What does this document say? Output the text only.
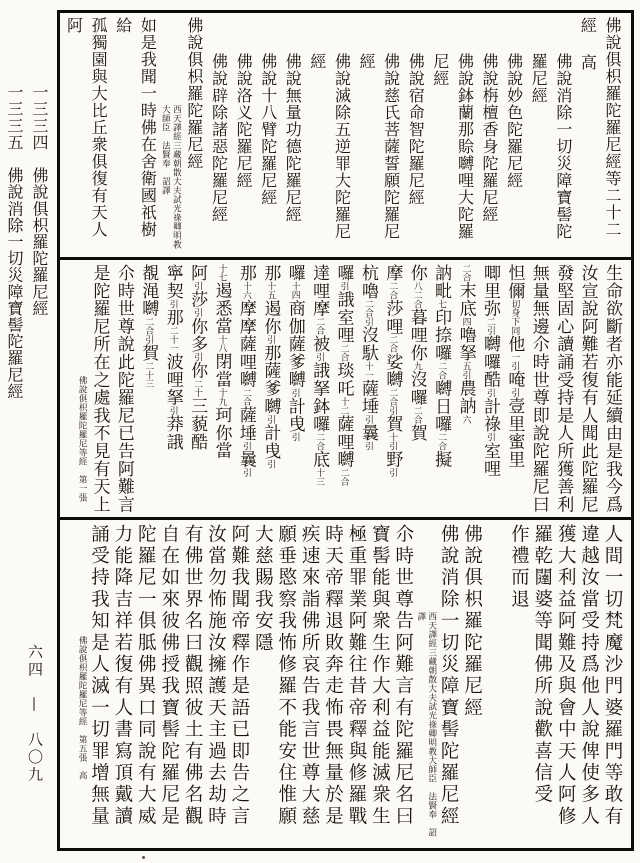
一三三四　佛說俱枳羅陀羅尼經
一三三五　佛說消除一切災障寶髻陀羅尼經
六四　—　八〇九
佛說俱枳羅陀羅尼經等二十二經 高
佛說消除一切災障寶髻陀羅尼經
佛說妙色陀羅尼經
佛說栴檀香身陀羅尼經
佛說鉢蘭那賒嚩哩大陀羅尼經
佛說宿命智陀羅尼經
佛說慈氏菩薩誓願陀羅尼經
佛說滅除五逆罪大陀羅尼經
佛說無量功德陀羅尼經
佛說十八臂陀羅尼經
佛說洛义陀羅尼經
佛說辟除諸惡陀羅尼經
佛說俱枳羅陀羅尼經
西天譯經三藏朝散大夫試光祿卿明教大師臣　法賢奉　詔譯
如是我聞一時佛在舍衛國祇樹給
孤獨園與大比丘衆俱復有天人阿
生命欲斷者亦能延續由是我今爲
汝宣說阿難若復有人聞此陀羅尼
發堅固心讀誦受持是人所獲善利
無量無邊尒時世尊即說陀羅尼曰
怛儞切身下同他一引唵引壹里蜜里
唧里弥二引嚩囉酷引計祿引室哩
二合末底四嚕拏五引農訥六
訥毗七印捺囉二合嚩日囉二合擬
你八二合暮哩你九沒囉二合賀
摩二合莎哩二合娑嚩二合引賀十引野引
杭嚕二合引沒馱十一薩埵引曩引
囉引誐室哩二合琰吒十二薩哩嚩二合
達哩摩二合被引誐拏鉢囉二合底十三
囉十四商伽薩爹嚩引計曵引
那十五遏你引那薩爹嚩引計曵引
那十六摩摩薩哩嚩二合薩埵引曩引
十七遏悉當十八閉當十九珂你當
阿引莎引你多引你二十三藐酷
寧契引那二十一波哩拏引莽誐
覩渑嚩二合引賀二十三
尒時世尊說此陀羅尼已告阿難言
是陀羅尼所在之處我不見有天上
佛說俱枳羅陀羅尼等經　第一張
人間一切梵魔沙門婆羅門等敢有
違越汝當受持爲他人說俾使多人
獲大利益阿難及與會中天人阿修
羅乾闥婆等聞佛所說歡喜信受
作禮而退

佛說俱枳羅陀羅尼經
佛說消除一切災障寶髻陀羅尼經
西天譯經三藏朝散大夫試光祿卿明教大師臣　法賢奉　詔譯
尒時世尊告阿難言有陀羅尼名曰
寶髻能與衆生作大利益能滅衆生
極重罪業阿難往昔帝釋與修羅戰
時天帝釋退敗奔走怖畏無量於是
疾速來詣佛所哀告我言世尊大慈
願垂愍察我怖修羅不能安住惟願
大慈賜我安隱
阿難我聞帝釋作是語已即告之言
汝當勿怖施汝擁護天主過去劫時
有佛世界名曰觀照彼土有佛名觀
自在如來彼佛授我寶髻陀羅尼是
陀羅尼一俱胝佛異口同說有大威
力能降吉祥若復有人書寫頂戴讀
誦受持我知是人滅一切罪增無量
佛說俱枳羅陀羅尼等經　第五張　高
